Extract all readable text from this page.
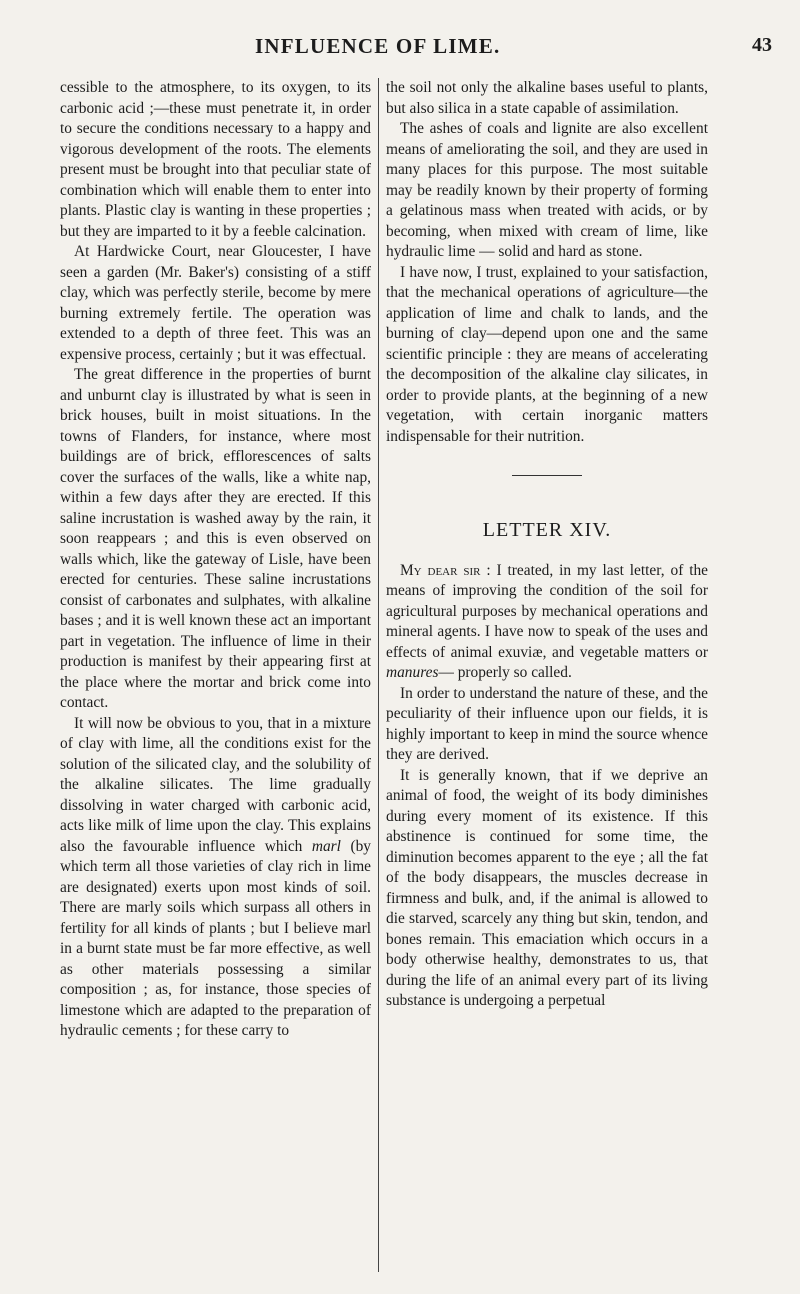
INFLUENCE OF LIME.	43

cessible to the atmosphere, to its oxygen, to its carbonic acid ;—these must penetrate it, in order to secure the conditions necessary to a happy and vigorous development of the roots. The elements present must be brought into that peculiar state of combination which will enable them to enter into plants. Plastic clay is wanting in these properties ; but they are imparted to it by a feeble calcination.

At Hardwicke Court, near Gloucester, I have seen a garden (Mr. Baker's) consisting of a stiff clay, which was perfectly sterile, become by mere burning extremely fertile. The operation was extended to a depth of three feet. This was an expensive process, certainly ; but it was effectual.

The great difference in the properties of burnt and unburnt clay is illustrated by what is seen in brick houses, built in moist situations. In the towns of Flanders, for instance, where most buildings are of brick, efflorescences of salts cover the surfaces of the walls, like a white nap, within a few days after they are erected. If this saline incrustation is washed away by the rain, it soon reappears ; and this is even observed on walls which, like the gateway of Lisle, have been erected for centuries. These saline incrustations consist of carbonates and sulphates, with alkaline bases ; and it is well known these act an important part in vegetation. The influence of lime in their production is manifest by their appearing first at the place where the mortar and brick come into contact.

It will now be obvious to you, that in a mixture of clay with lime, all the conditions exist for the solution of the silicated clay, and the solubility of the alkaline silicates. The lime gradually dissolving in water charged with carbonic acid, acts like milk of lime upon the clay. This explains also the favourable influence which marl (by which term all those varieties of clay rich in lime are designated) exerts upon most kinds of soil. There are marly soils which surpass all others in fertility for all kinds of plants ; but I believe marl in a burnt state must be far more effective, as well as other materials possessing a similar composition ; as, for instance, those species of limestone which are adapted to the preparation of hydraulic cements ; for these carry to

the soil not only the alkaline bases useful to plants, but also silica in a state capable of assimilation.

The ashes of coals and lignite are also excellent means of ameliorating the soil, and they are used in many places for this purpose. The most suitable may be readily known by their property of forming a gelatinous mass when treated with acids, or by becoming, when mixed with cream of lime, like hydraulic lime — solid and hard as stone.

I have now, I trust, explained to your satisfaction, that the mechanical operations of agriculture—the application of lime and chalk to lands, and the burning of clay—depend upon one and the same scientific principle : they are means of accelerating the decomposition of the alkaline clay silicates, in order to provide plants, at the beginning of a new vegetation, with certain inorganic matters indispensable for their nutrition.

LETTER XIV.

My dear sir : I treated, in my last letter, of the means of improving the condition of the soil for agricultural purposes by mechanical operations and mineral agents. I have now to speak of the uses and effects of animal exuviæ, and vegetable matters or manures— properly so called.

In order to understand the nature of these, and the peculiarity of their influence upon our fields, it is highly important to keep in mind the source whence they are derived.

It is generally known, that if we deprive an animal of food, the weight of its body diminishes during every moment of its existence. If this abstinence is continued for some time, the diminution becomes apparent to the eye ; all the fat of the body disappears, the muscles decrease in firmness and bulk, and, if the animal is allowed to die starved, scarcely any thing but skin, tendon, and bones remain. This emaciation which occurs in a body otherwise healthy, demonstrates to us, that during the life of an animal every part of its living substance is undergoing a perpetual
